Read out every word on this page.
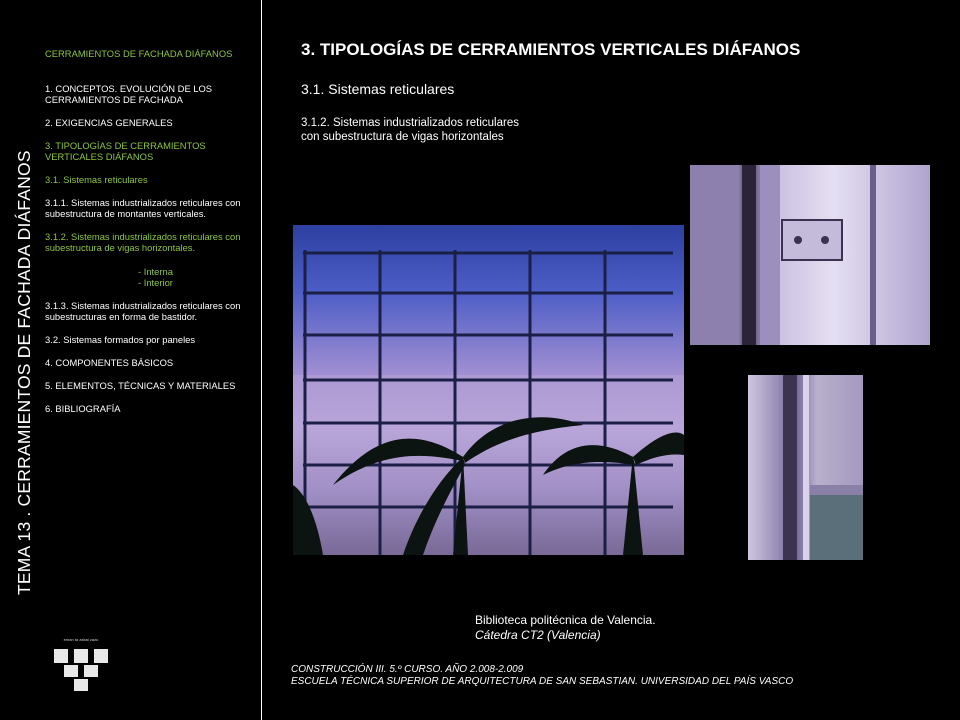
TEMA 13 . CERRAMIENTOS DE FACHADA DIÁFANOS
CERRAMIENTOS DE FACHADA DIÁFANOS
1. CONCEPTOS. EVOLUCIÓN DE LOS CERRAMIENTOS DE FACHADA
2. EXIGENCIAS GENERALES
3. TIPOLOGÍAS DE CERRAMIENTOS VERTICALES DIÁFANOS
3.1. Sistemas reticulares
3.1.1. Sistemas industrializados reticulares con subestructura de montantes verticales.
3.1.2. Sistemas industrializados reticulares con subestructura de vigas horizontales.
- Interna
- Interior
3.1.3. Sistemas industrializados reticulares con subestructuras en forma de bastidor.
3.2. Sistemas formados por paneles
4. COMPONENTES BÁSICOS
5. ELEMENTOS, TÉCNICAS Y MATERIALES
6. BIBLIOGRAFÍA
3. TIPOLOGÍAS DE CERRAMIENTOS VERTICALES DIÁFANOS
3.1. Sistemas reticulares
3.1.2. Sistemas industrializados reticulares
con subestructura de vigas horizontales
Biblioteca politécnica de Valencia.
Cátedra CT2 (Valencia)
CONSTRUCCIÓN III. 5.º CURSO. AÑO 2.008-2.009
ESCUELA TÉCNICA SUPERIOR DE ARQUITECTURA DE SAN SEBASTIAN. UNIVERSIDAD DEL PAÍS VASCO
eman ta zabal zazu
